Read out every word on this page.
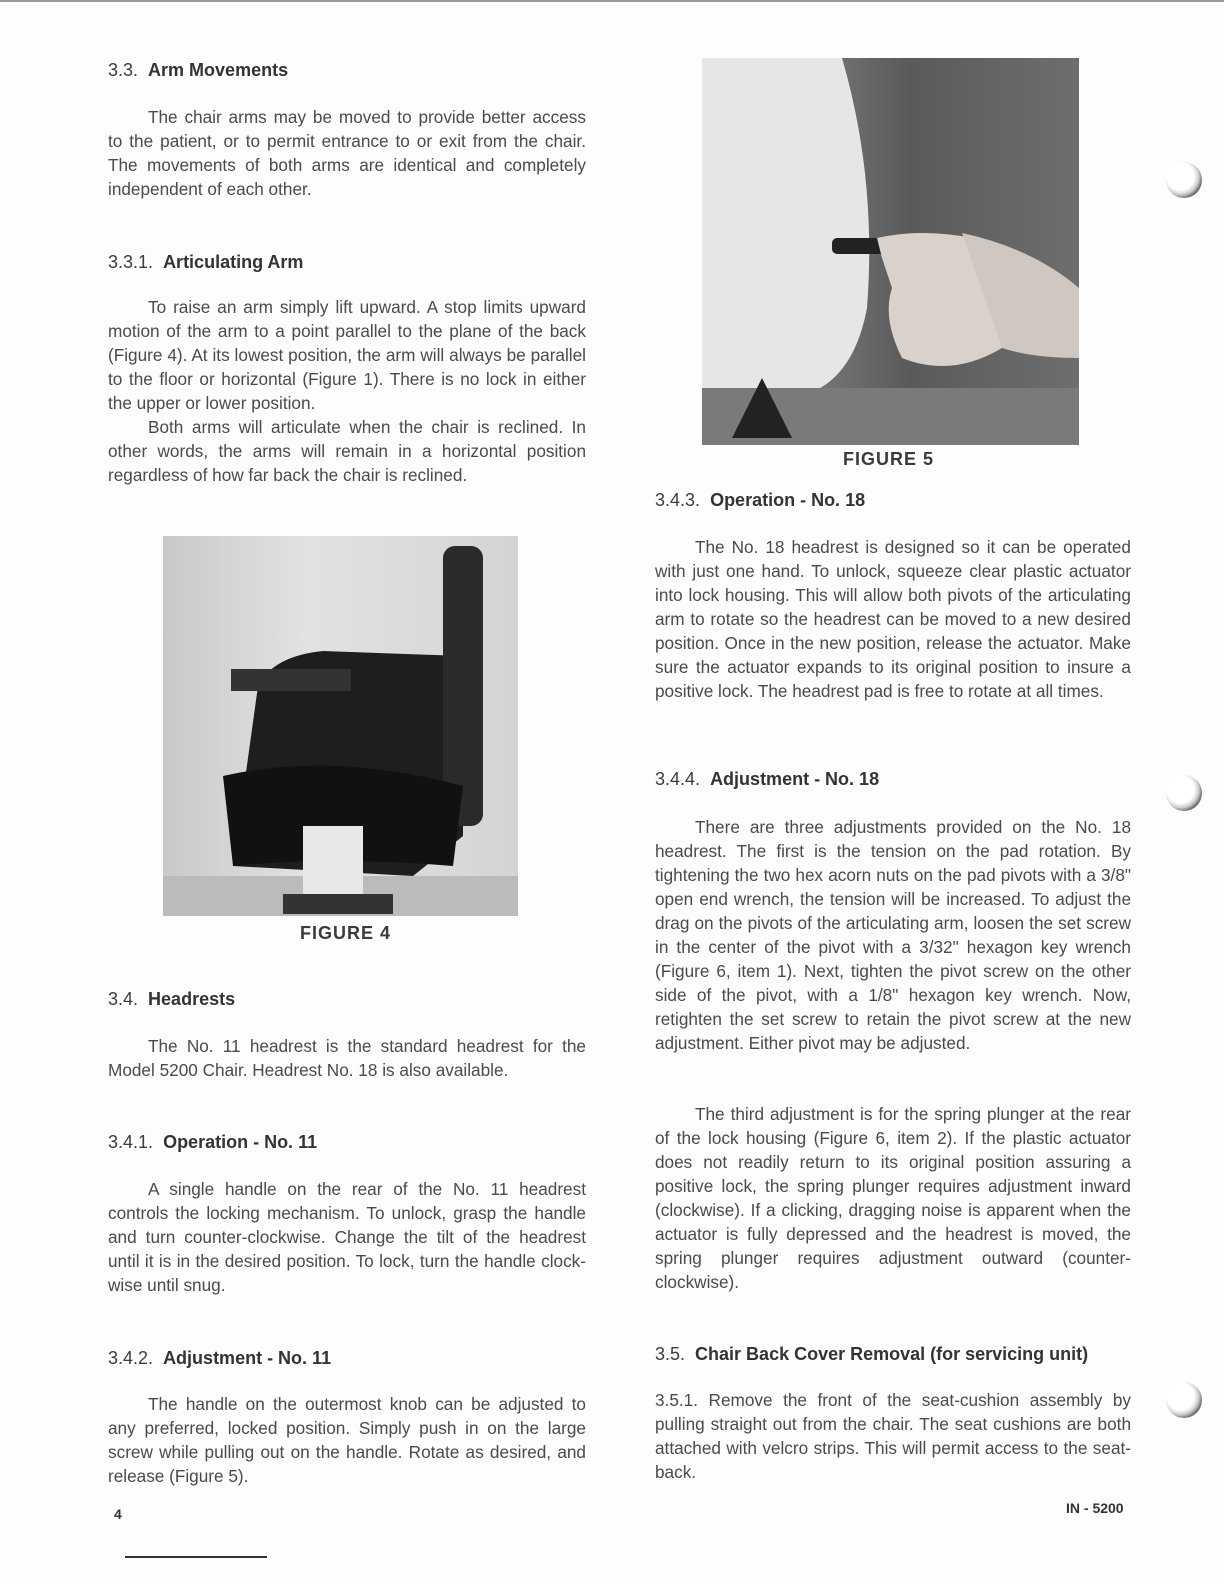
3.3. Arm Movements

The chair arms may be moved to provide better access to the patient, or to permit entrance to or exit from the chair. The movements of both arms are identical and completely independent of each other.

3.3.1. Articulating Arm

To raise an arm simply lift upward. A stop limits upward motion of the arm to a point parallel to the plane of the back (Figure 4). At its lowest position, the arm will always be parallel to the floor or horizontal (Figure 1). There is no lock in either the upper or lower position.

Both arms will articulate when the chair is reclined. In other words, the arms will remain in a horizontal position regardless of how far back the chair is reclined.

FIGURE 4
3.4. Headrests

The No. 11 headrest is the standard headrest for the Model 5200 Chair. Headrest No. 18 is also available.

3.4.1. Operation - No. 11

A single handle on the rear of the No. 11 headrest controls the locking mechanism. To unlock, grasp the handle and turn counter-clockwise. Change the tilt of the headrest until it is in the desired position. To lock, turn the handle clock-wise until snug.

3.4.2. Adjustment - No. 11

The handle on the outermost knob can be adjusted to any preferred, locked position. Simply push in on the large screw while pulling out on the handle. Rotate as desired, and release (Figure 5).

4
FIGURE 5
3.4.3. Operation - No. 18

The No. 18 headrest is designed so it can be operated with just one hand. To unlock, squeeze clear plastic actuator into lock housing. This will allow both pivots of the articulating arm to rotate so the headrest can be moved to a new desired position. Once in the new position, release the actuator. Make sure the actuator expands to its original position to insure a positive lock. The headrest pad is free to rotate at all times.

3.4.4. Adjustment - No. 18

There are three adjustments provided on the No. 18 headrest. The first is the tension on the pad rotation. By tightening the two hex acorn nuts on the pad pivots with a 3/8" open end wrench, the tension will be increased. To adjust the drag on the pivots of the articulating arm, loosen the set screw in the center of the pivot with a 3/32" hexagon key wrench (Figure 6, item 1). Next, tighten the pivot screw on the other side of the pivot, with a 1/8" hexagon key wrench. Now, retighten the set screw to retain the pivot screw at the new adjustment. Either pivot may be adjusted.

The third adjustment is for the spring plunger at the rear of the lock housing (Figure 6, item 2). If the plastic actuator does not readily return to its original position assuring a positive lock, the spring plunger requires adjustment inward (clockwise). If a clicking, dragging noise is apparent when the actuator is fully depressed and the headrest is moved, the spring plunger requires adjustment outward (counter-clockwise).

3.5. Chair Back Cover Removal (for servicing unit)

3.5.1. Remove the front of the seat-cushion assembly by pulling straight out from the chair. The seat cushions are both attached with velcro strips. This will permit access to the seat-back.

IN - 5200
